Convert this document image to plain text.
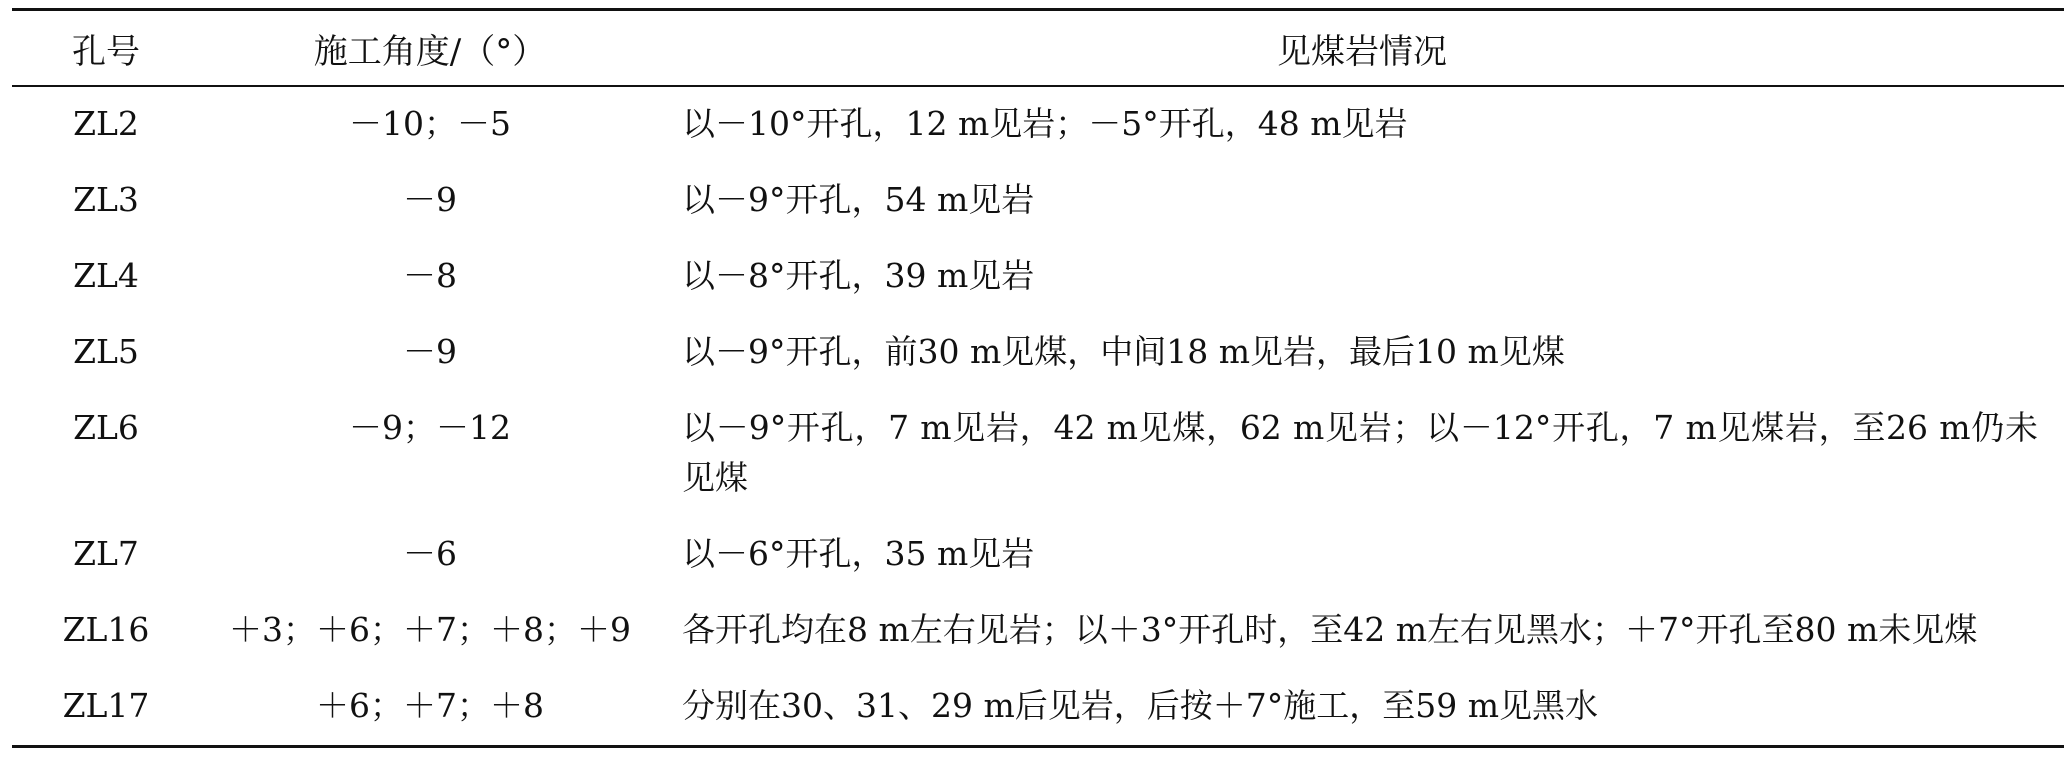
孔号	施工角度/（°）	见煤岩情况
ZL2	－10；－5	以－10°开孔，12 m见岩；－5°开孔，48 m见岩
ZL3	－9	以－9°开孔，54 m见岩
ZL4	－8	以－8°开孔，39 m见岩
ZL5	－9	以－9°开孔，前30 m见煤，中间18 m见岩，最后10 m见煤
ZL6	－9；－12	以－9°开孔，7 m见岩，42 m见煤，62 m见岩；以－12°开孔，7 m见煤岩，至26 m仍未见煤
ZL7	－6	以－6°开孔，35 m见岩
ZL16	＋3；＋6；＋7；＋8；＋9	各开孔均在8 m左右见岩；以＋3°开孔时，至42 m左右见黑水；＋7°开孔至80 m未见煤
ZL17	＋6；＋7；＋8	分别在30、31、29 m后见岩，后按＋7°施工，至59 m见黑水
